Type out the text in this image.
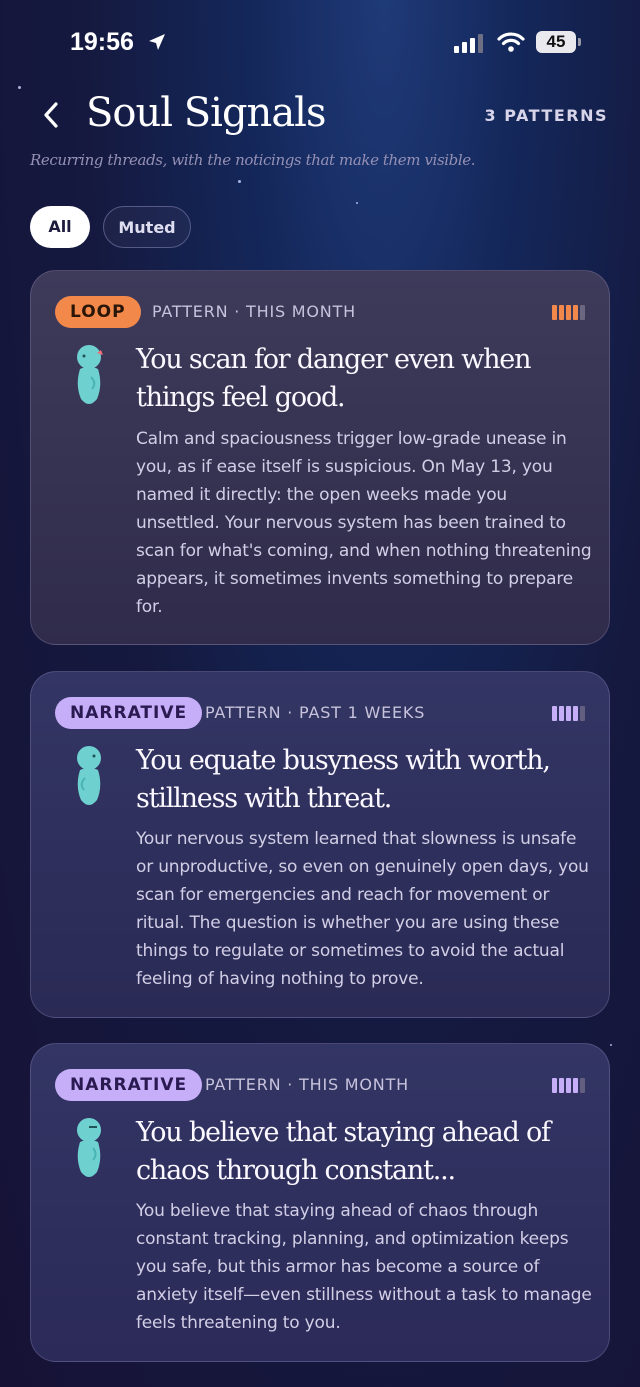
19:56	45
Soul Signals	3 PATTERNS
Recurring threads, with the noticings that make them visible.
All	Muted
LOOP	PATTERN · THIS MONTH
You scan for danger even when things feel good.
Calm and spaciousness trigger low-grade unease in you, as if ease itself is suspicious. On May 13, you named it directly: the open weeks made you unsettled. Your nervous system has been trained to scan for what's coming, and when nothing threatening appears, it sometimes invents something to prepare for.
NARRATIVE	PATTERN · PAST 1 WEEKS
You equate busyness with worth, stillness with threat.
Your nervous system learned that slowness is unsafe or unproductive, so even on genuinely open days, you scan for emergencies and reach for movement or ritual. The question is whether you are using these things to regulate or sometimes to avoid the actual feeling of having nothing to prove.
NARRATIVE	PATTERN · THIS MONTH
You believe that staying ahead of chaos through constant...
You believe that staying ahead of chaos through constant tracking, planning, and optimization keeps you safe, but this armor has become a source of anxiety itself—even stillness without a task to manage feels threatening to you.
